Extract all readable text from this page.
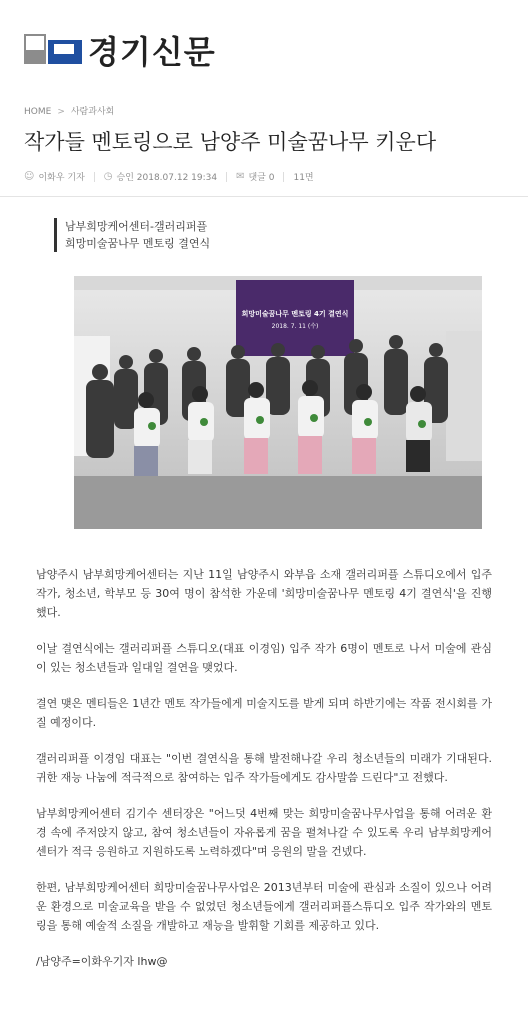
경기신문
HOME > 사람과사회
작가들 멘토링으로 남양주 미술꿈나무 키운다
☺ 이화우 기자 ◷ 승인 2018.07.12 19:34 ✉ 댓글 0 11면
남부희망케어센터-갤러리퍼플
희망미술꿈나무 멘토링 결연식
희망미술꿈나무 멘토링 4기 결연식
2018. 7. 11 (수)

남양주시 남부희망케어센터는 지난 11일 남양주시 와부읍 소재 갤러리퍼플 스튜디오에서 입주 작가, 청소년, 학부모 등 30여 명이 참석한 가운데 '희망미술꿈나무 멘토링 4기 결연식'을 진행했다.

이날 결연식에는 갤러리퍼플 스튜디오(대표 이경임) 입주 작가 6명이 멘토로 나서 미술에 관심이 있는 청소년들과 일대일 결연을 맺었다.

결연 맺은 멘티들은 1년간 멘토 작가들에게 미술지도를 받게 되며 하반기에는 작품 전시회를 가질 예정이다.

갤러리퍼플 이경임 대표는 "이번 결연식을 통해 발전해나갈 우리 청소년들의 미래가 기대된다. 귀한 재능 나눔에 적극적으로 참여하는 입주 작가들에게도 감사말씀 드린다"고 전했다.

남부희망케어센터 김기수 센터장은 "어느덧 4번째 맞는 희망미술꿈나무사업을 통해 어려운 환경 속에 주저앉지 않고, 참여 청소년들이 자유롭게 꿈을 펼쳐나갈 수 있도록 우리 남부희망케어센터가 적극 응원하고 지원하도록 노력하겠다"며 응원의 말을 건넸다.

한편, 남부희망케어센터 희망미술꿈나무사업은 2013년부터 미술에 관심과 소질이 있으나 어려운 환경으로 미술교육을 받을 수 없었던 청소년들에게 갤러리퍼플스튜디오 입주 작가와의 멘토링을 통해 예술적 소질을 개발하고 재능을 발휘할 기회를 제공하고 있다.

/남양주=이화우기자 lhw@
